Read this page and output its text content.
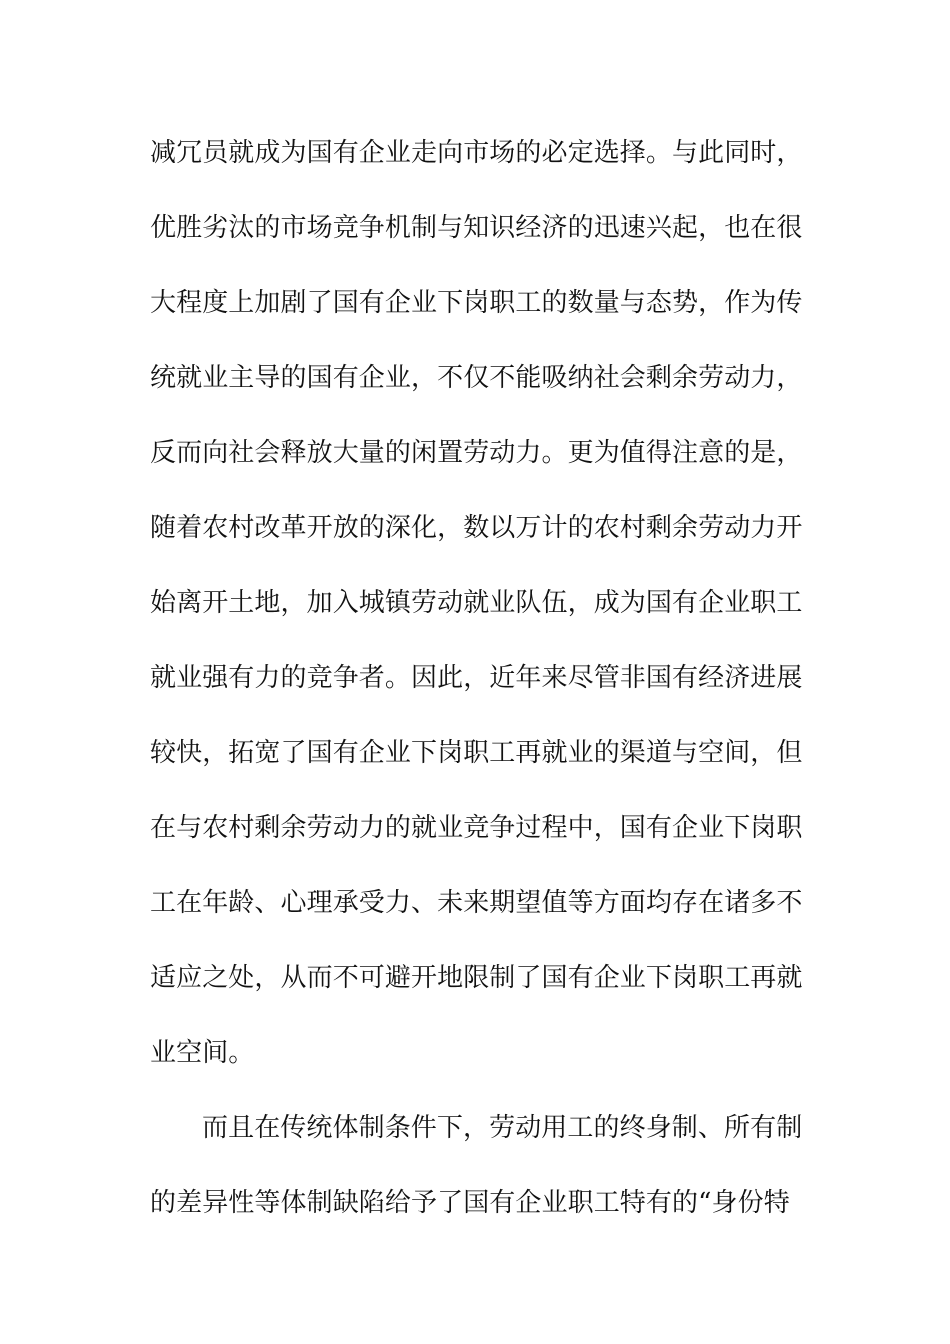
减冗员就成为国有企业走向市场的必定选择。与此同时，
优胜劣汰的市场竞争机制与知识经济的迅速兴起，也在很
大程度上加剧了国有企业下岗职工的数量与态势，作为传
统就业主导的国有企业，不仅不能吸纳社会剩余劳动力，
反而向社会释放大量的闲置劳动力。更为值得注意的是，
随着农村改革开放的深化，数以万计的农村剩余劳动力开
始离开土地，加入城镇劳动就业队伍，成为国有企业职工
就业强有力的竞争者。因此，近年来尽管非国有经济进展
较快，拓宽了国有企业下岗职工再就业的渠道与空间，但
在与农村剩余劳动力的就业竞争过程中，国有企业下岗职
工在年龄、心理承受力、未来期望值等方面均存在诸多不
适应之处，从而不可避开地限制了国有企业下岗职工再就
业空间。
而且在传统体制条件下，劳动用工的终身制、所有制
的差异性等体制缺陷给予了国有企业职工特有的“身份特
